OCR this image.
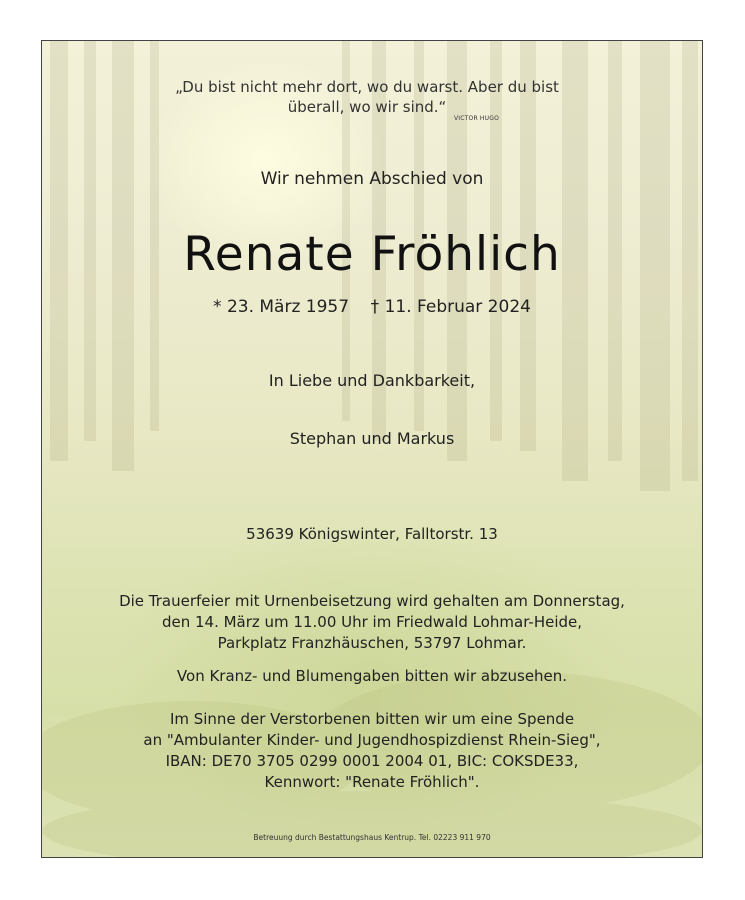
„Du bist nicht mehr dort, wo du warst. Aber du bist
überall, wo wir sind.“

VICTOR HUGO

Wir nehmen Abschied von

Renate Fröhlich

* 23. März 1957    † 11. Februar 2024

In Liebe und Dankbarkeit,

Stephan und Markus

53639 Königswinter, Falltorstr. 13

Die Trauerfeier mit Urnenbeisetzung wird gehalten am Donnerstag,
den 14. März um 11.00 Uhr im Friedwald Lohmar-Heide,
Parkplatz Franzhäuschen, 53797 Lohmar.

Von Kranz- und Blumengaben bitten wir abzusehen.

Im Sinne der Verstorbenen bitten wir um eine Spende
an "Ambulanter Kinder- und Jugendhospizdienst Rhein-Sieg",
IBAN: DE70 3705 0299 0001 2004 01, BIC: COKSDE33,
Kennwort: "Renate Fröhlich".

Betreuung durch Bestattungshaus Kentrup. Tel. 02223 911 970
